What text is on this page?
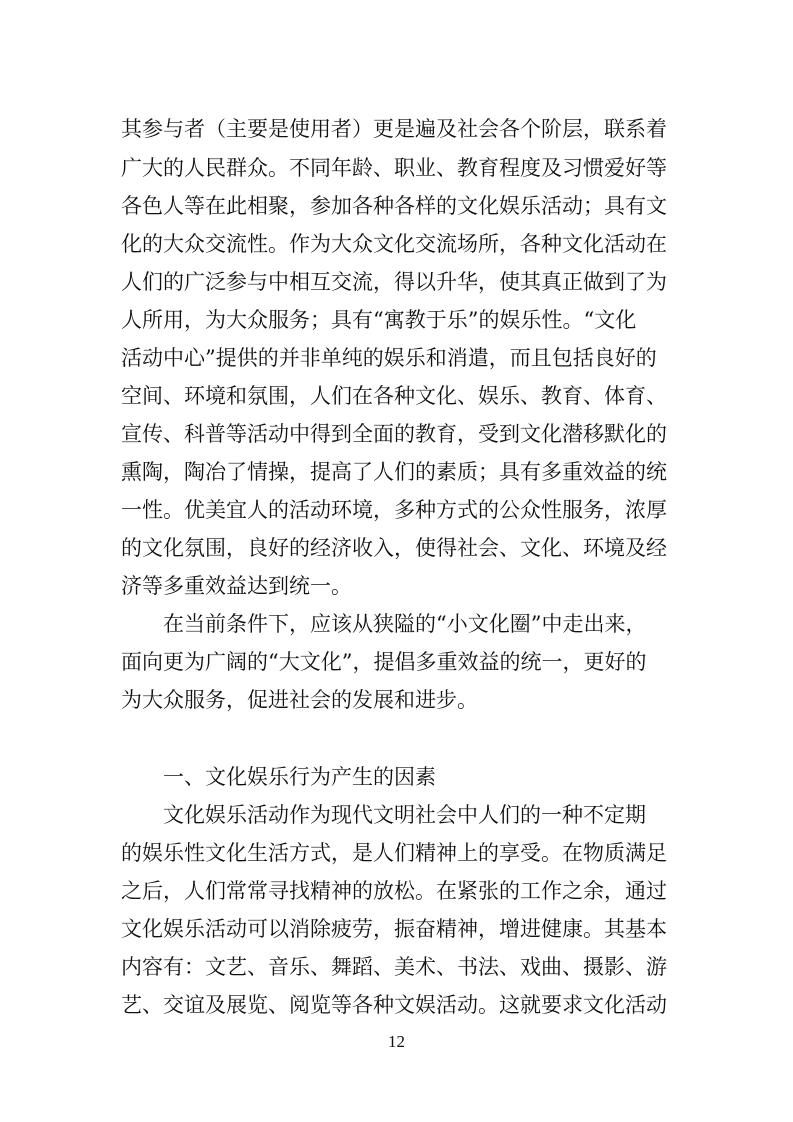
其参与者（主要是使用者）更是遍及社会各个阶层，联系着
广大的人民群众。不同年龄、职业、教育程度及习惯爱好等
各色人等在此相聚，参加各种各样的文化娱乐活动；具有文
化的大众交流性。作为大众文化交流场所，各种文化活动在
人们的广泛参与中相互交流，得以升华，使其真正做到了为
人所用，为大众服务；具有“寓教于乐”的娱乐性。“文化
活动中心”提供的并非单纯的娱乐和消遣，而且包括良好的
空间、环境和氛围，人们在各种文化、娱乐、教育、体育、
宣传、科普等活动中得到全面的教育，受到文化潜移默化的
熏陶，陶冶了情操，提高了人们的素质；具有多重效益的统
一性。优美宜人的活动环境，多种方式的公众性服务，浓厚
的文化氛围，良好的经济收入，使得社会、文化、环境及经
济等多重效益达到统一。
　　在当前条件下，应该从狭隘的“小文化圈”中走出来，
面向更为广阔的“大文化”，提倡多重效益的统一，更好的
为大众服务，促进社会的发展和进步。
　　一、文化娱乐行为产生的因素
　　文化娱乐活动作为现代文明社会中人们的一种不定期
的娱乐性文化生活方式，是人们精神上的享受。在物质满足
之后，人们常常寻找精神的放松。在紧张的工作之余，通过
文化娱乐活动可以消除疲劳，振奋精神，增进健康。其基本
内容有：文艺、音乐、舞蹈、美术、书法、戏曲、摄影、游
艺、交谊及展览、阅览等各种文娱活动。这就要求文化活动
12
